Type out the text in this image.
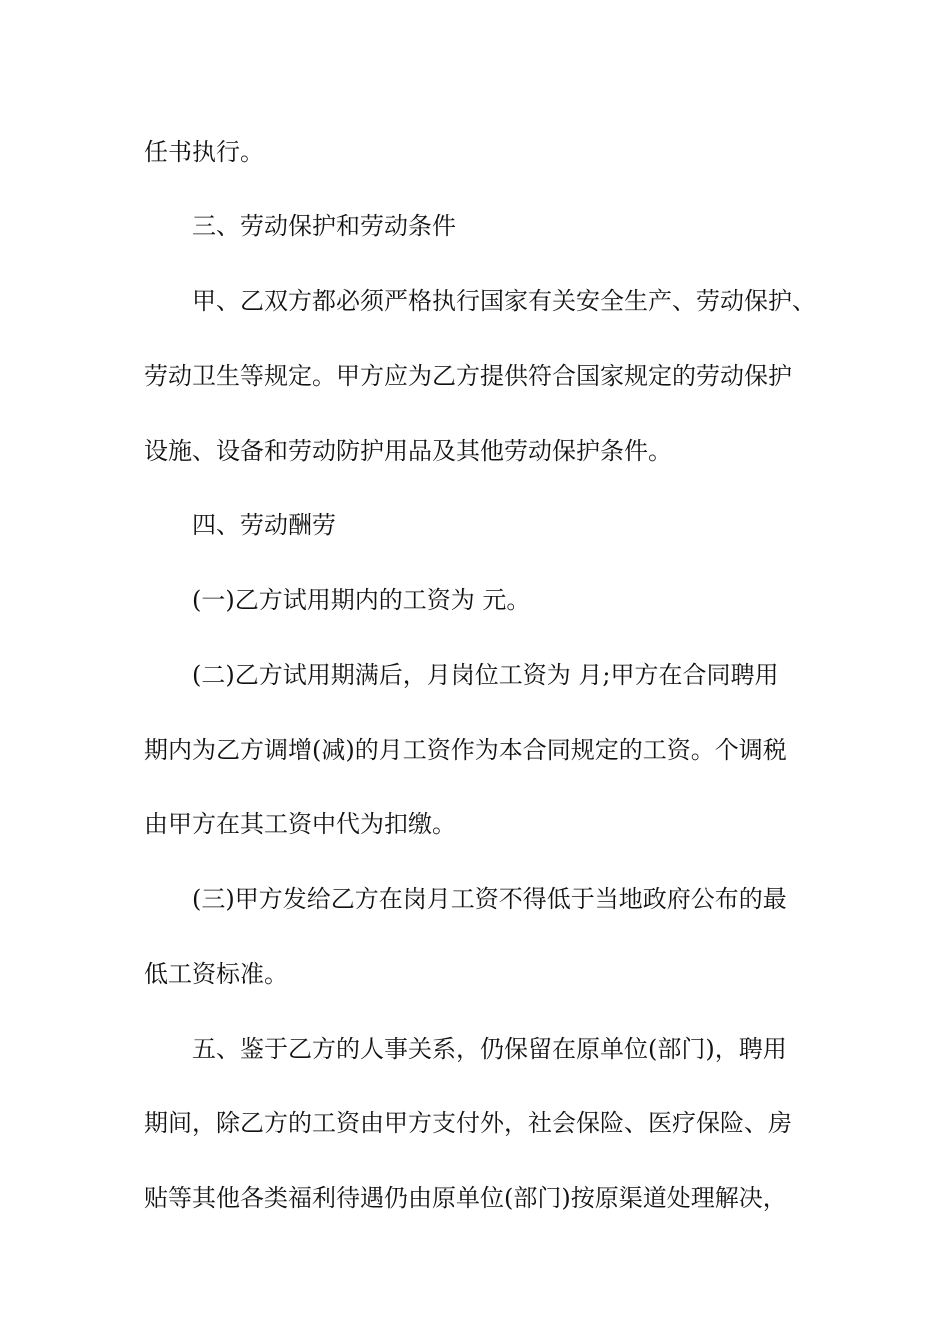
任书执行。
三、劳动保护和劳动条件
甲、乙双方都必须严格执行国家有关安全生产、劳动保护、
劳动卫生等规定。甲方应为乙方提供符合国家规定的劳动保护
设施、设备和劳动防护用品及其他劳动保护条件。
四、劳动酬劳
(一)乙方试用期内的工资为 元。
(二)乙方试用期满后，月岗位工资为 月;甲方在合同聘用
期内为乙方调增(减)的月工资作为本合同规定的工资。个调税
由甲方在其工资中代为扣缴。
(三)甲方发给乙方在岗月工资不得低于当地政府公布的最
低工资标准。
五、鉴于乙方的人事关系，仍保留在原单位(部门)，聘用
期间，除乙方的工资由甲方支付外，社会保险、医疗保险、房
贴等其他各类福利待遇仍由原单位(部门)按原渠道处理解决，
